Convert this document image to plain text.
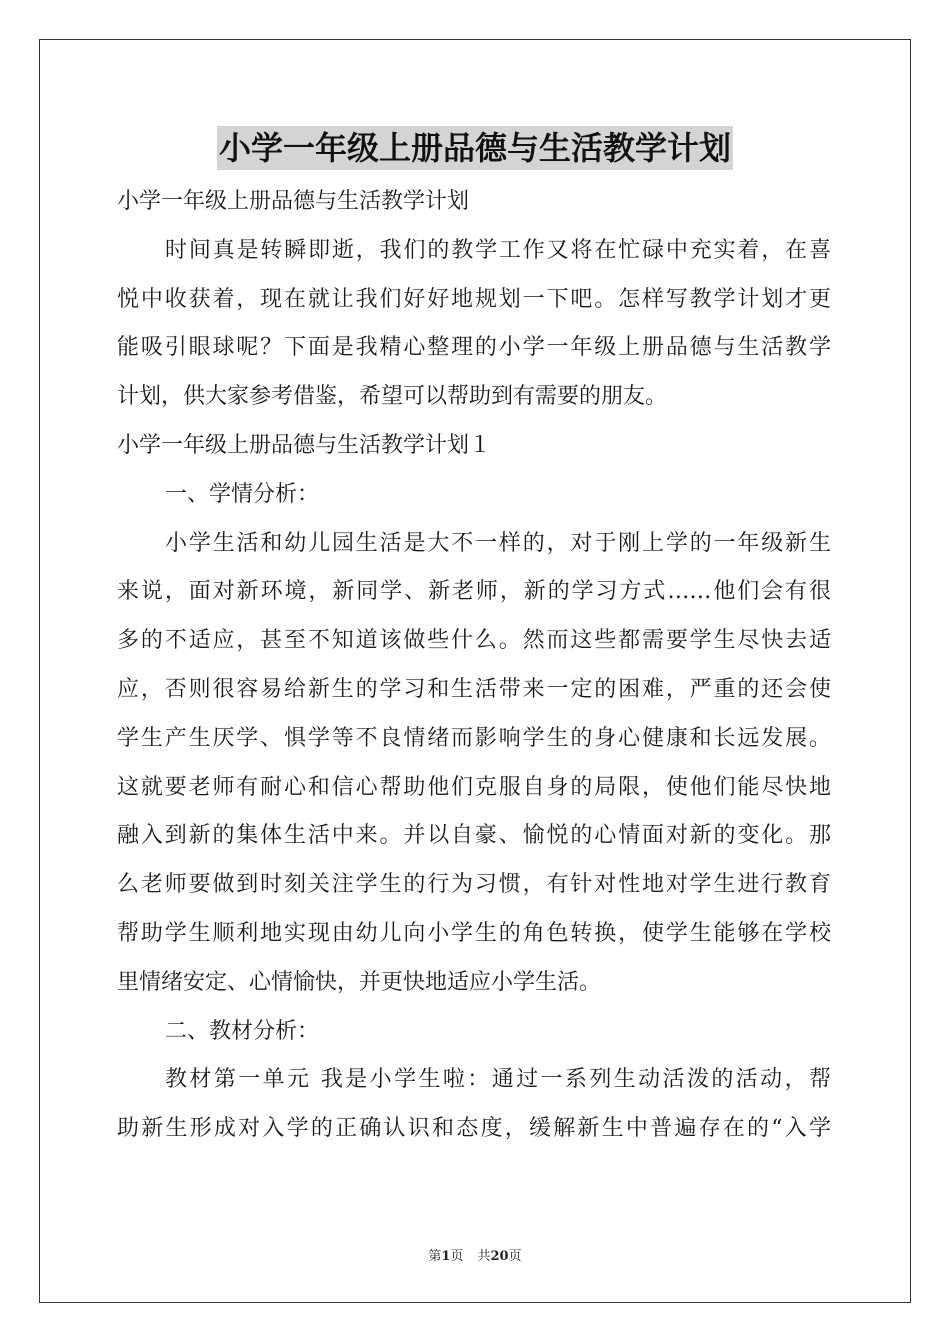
小学一年级上册品德与生活教学计划
小学一年级上册品德与生活教学计划
时间真是转瞬即逝，我们的教学工作又将在忙碌中充实着，在喜
悦中收获着，现在就让我们好好地规划一下吧。怎样写教学计划才更
能吸引眼球呢？下面是我精心整理的小学一年级上册品德与生活教学
计划，供大家参考借鉴，希望可以帮助到有需要的朋友。
小学一年级上册品德与生活教学计划１
一、学情分析：
小学生活和幼儿园生活是大不一样的，对于刚上学的一年级新生
来说，面对新环境，新同学、新老师，新的学习方式……他们会有很
多的不适应，甚至不知道该做些什么。然而这些都需要学生尽快去适
应，否则很容易给新生的学习和生活带来一定的困难，严重的还会使
学生产生厌学、惧学等不良情绪而影响学生的身心健康和长远发展。
这就要老师有耐心和信心帮助他们克服自身的局限，使他们能尽快地
融入到新的集体生活中来。并以自豪、愉悦的心情面对新的变化。那
么老师要做到时刻关注学生的行为习惯，有针对性地对学生进行教育
帮助学生顺利地实现由幼儿向小学生的角色转换，使学生能够在学校
里情绪安定、心情愉快，并更快地适应小学生活。
二、教材分析：
教材第一单元 我是小学生啦：通过一系列生动活泼的活动，帮
助新生形成对入学的正确认识和态度，缓解新生中普遍存在的“入学
第1页 共20页
